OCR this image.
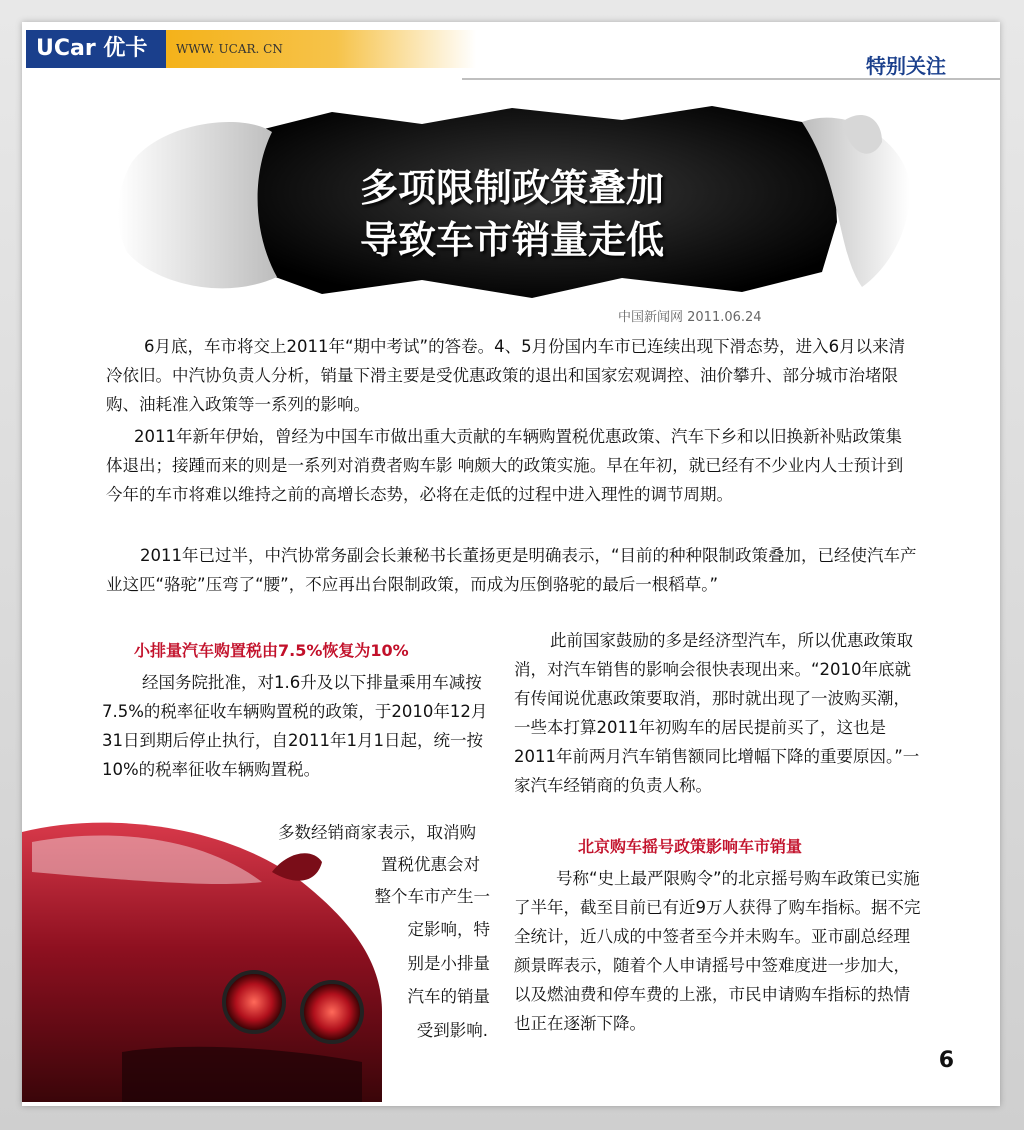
UCar 优卡	WWW. UCAR. CN
特别关注
多项限制政策叠加
导致车市销量走低
中国新闻网 2011.06.24

6月底，车市将交上2011年“期中考试”的答卷。4、5月份国内车市已连续出现下滑态势，进入6月以来清冷依旧。中汽协负责人分析，销量下滑主要是受优惠政策的退出和国家宏观调控、油价攀升、部分城市治堵限购、油耗准入政策等一系列的影响。

2011年新年伊始，曾经为中国车市做出重大贡献的车辆购置税优惠政策、汽车下乡和以旧换新补贴政策集体退出；接踵而来的则是一系列对消费者购车影 响颇大的政策实施。早在年初，就已经有不少业内人士预计到今年的车市将难以维持之前的高增长态势，必将在走低的过程中进入理性的调节周期。

2011年已过半，中汽协常务副会长兼秘书长董扬更是明确表示，“目前的种种限制政策叠加，已经使汽车产业这匹“骆驼”压弯了“腰”，不应再出台限制政策，而成为压倒骆驼的最后一根稻草。”

小排量汽车购置税由7.5%恢复为10%

经国务院批准，对1.6升及以下排量乘用车减按7.5%的税率征收车辆购置税的政策，于2010年12月31日到期后停止执行，自2011年1月1日起，统一按10%的税率征收车辆购置税。

多数经销商家表示，取消购
置税优惠会对
整个车市产生一
定影响，特
别是小排量
汽车的销量
受到影响.

此前国家鼓励的多是经济型汽车，所以优惠政策取消，对汽车销售的影响会很快表现出来。“2010年底就有传闻说优惠政策要取消，那时就出现了一波购买潮，一些本打算2011年初购车的居民提前买了，这也是2011年前两月汽车销售额同比增幅下降的重要原因。”一家汽车经销商的负责人称。

北京购车摇号政策影响车市销量

号称“史上最严限购令”的北京摇号购车政策已实施了半年，截至目前已有近9万人获得了购车指标。据不完全统计，近八成的中签者至今并未购车。亚市副总经理颜景晖表示，随着个人申请摇号中签难度进一步加大，以及燃油费和停车费的上涨，市民申请购车指标的热情也正在逐渐下降。

6
